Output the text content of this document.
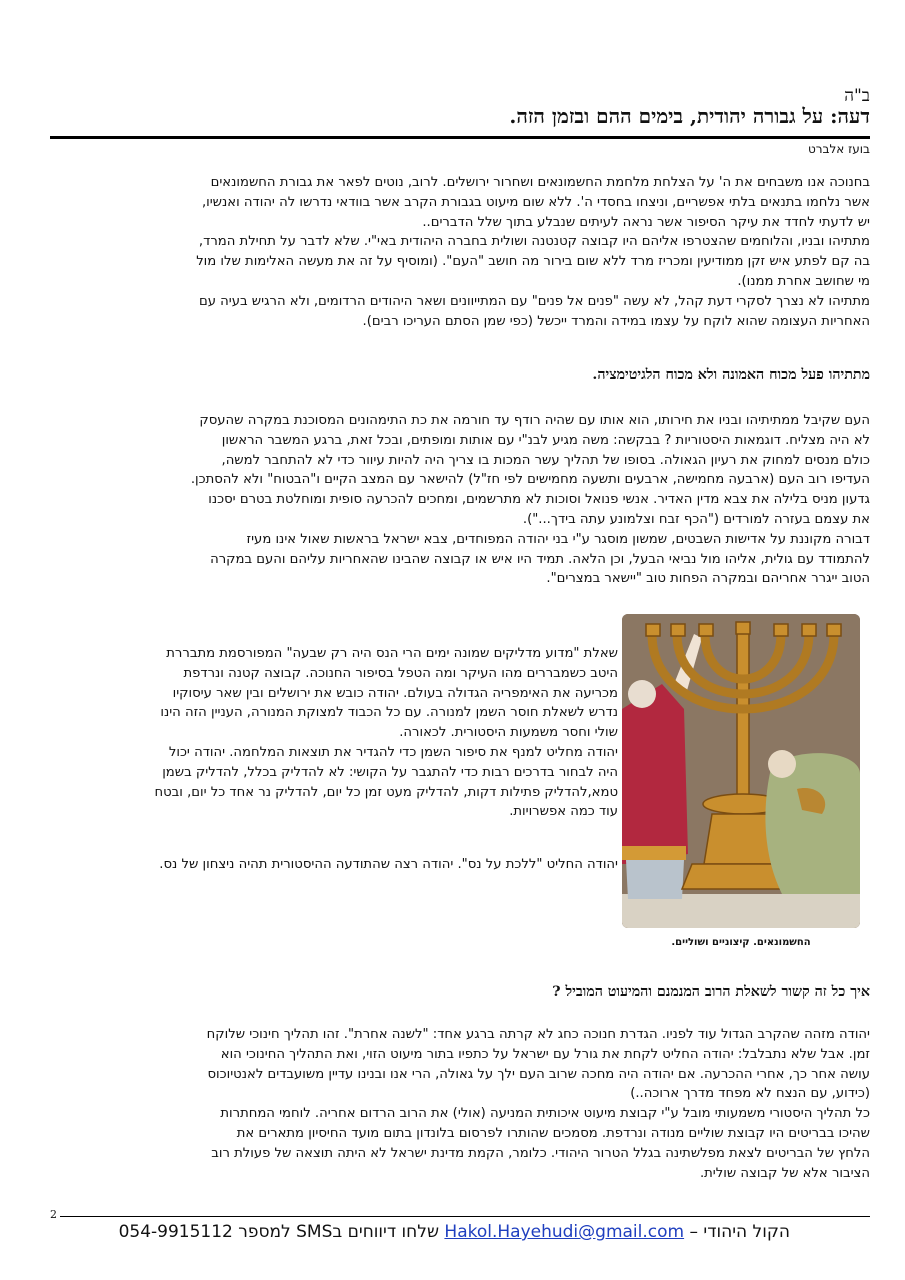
ב"ה
דעה: על גבורה יהודית, בימים ההם ובזמן הזה.
בועז אלברט
בחנוכה אנו משבחים את ה' על הצלחת מלחמת החשמונאים ושחרור ירושלים. לרוב, נוטים לפאר את גבורת החשמונאים
אשר נלחמו בתנאים בלתי אפשריים, וניצחו בחסדי ה'. ללא שום מיעוט בגבורת הקרב אשר בוודאי נדרשו לה יהודה ואנשיו,
יש לדעתי לחדד את עיקר הסיפור אשר נראה לעיתים שנבלע בתוך שלל הדברים..
מתתיהו ובניו, והלוחמים שהצטרפו אליהם היו קבוצה קטנטנה ושולית בחברה היהודית באי"י. שלא לדבר על תחילת המרד,
בה קם לפתע איש זקן ממודיעין ומכריז מרד ללא שום בירור מה חושב "העם". (ומוסיף על זה את מעשה האלימות שלו מול
מי שחושב אחרת ממנו).
מתתיהו לא נצרך לסקרי דעת קהל, לא עשה "פנים אל פנים" עם המתייוונים ושאר היהודים הרדומים, ולא הרגיש בעיה עם
האחריות העצומה שהוא לוקח על עצמו במידה והמרד ייכשל (כפי שמן הסתם העריכו רבים).
מתתיהו פעל מכוח האמונה ולא מכוח הלגיטימציה.
העם שקיבל ממתיתיהו ובניו את חירותו, הוא אותו עם שהיה רודף עד חורמה את כת התימהונים המסוכנת במקרה שהעסק
לא היה מצליח. דוגמאות היסטוריות ? בבקשה: משה מגיע לבנ"י עם אותות ומופתים, ובכל זאת, ברגע המשבר הראשון
כולם מנסים למחוק את רעיון הגאולה. בסופו של תהליך עשר המכות בו צריך היה להיות עיוור כדי לא להתחבר למשה,
העדיפו רוב העם (ארבעה מחמישה, ארבעים ותשעה מחמישים לפי חז"ל) להישאר עם המצב הקיים ו"הבטוח" ולא להסתכן.
גדעון מניס בלילה את צבא מדין האדיר. אנשי פנואל וסוכות לא מתרשמים, ומחכים להכרעה סופית ומוחלטת בטרם יסכנו
את עצמם בעזרה למורדים ("הכף זבח וצלמונע עתה בידך...").
דבורה מקוננת על אדישות השבטים, שמשון מוסגר ע"י בני יהודה המפוחדים, צבא ישראל בראשות שאול אינו מעיז
להתמודד עם גולית, אליהו מול נביאי הבעל, וכן הלאה. תמיד היו איש או קבוצה שהבינו שהאחריות עליהם והעם במקרה
הטוב ייגרר אחריהם ובמקרה הפחות טוב "יישאר במצרים".
שאלת "מדוע מדליקים שמונה ימים הרי הנס היה רק שבעה" המפורסמת מתבררת
היטב כשמבררים מהו העיקר ומה הטפל בסיפור החנוכה. קבוצה קטנה ונרדפת
מכריעה את האימפריה הגדולה בעולם. יהודה כובש את ירושלים ובין שאר עיסוקיו
נדרש לשאלת חוסר השמן למנורה. עם כל הכבוד למצוקת המנורה, העניין הזה הינו
שולי וחסר משמעות היסטורית. לכאורה.
יהודה מחליט למנף את סיפור השמן כדי להגדיר את תוצאות המלחמה. יהודה יכול
היה לבחור בדרכים רבות כדי להתגבר על הקושי: לא להדליק בכלל, להדליק בשמן
טמא,להדליק פתילות דקות, להדליק מעט זמן כל יום, להדליק נר אחד כל יום, ובטח
עוד כמה אפשרויות.
יהודה החליט "ללכת על נס". יהודה רצה שהתודעה ההיסטורית תהיה ניצחון של נס.
החשמונאים. קיצוניים ושוליים.
איך כל זה קשור לשאלת הרוב המנמנם והמיעוט המוביל ?
יהודה מזהה שהקרב הגדול עוד לפניו. הגדרת חנוכה כחג לא קרתה ברגע אחד: "לשנה אחרת". זהו תהליך חינוכי שלוקח
זמן. אבל שלא נתבלבל: יהודה החליט לקחת את גורל עם ישראל על כתפיו בתור מיעוט הזוי, ואת התהליך החינוכי הוא
עושה אחר כך, אחרי ההכרעה. אם יהודה היה מחכה שרוב העם ילך על גאולה, הרי אנו ובנינו עדיין משועבדים לאנטיוכוס
(כידוע, עם הנצח לא מפחד מדרך ארוכה..)
כל תהליך היסטורי משמעותי מובל ע"י קבוצת מיעוט איכותית המניעה (אולי) את הרוב הרדום אחריה. לוחמי המחתרות
שהיכו בבריטים היו קבוצת שוליים מנודה ונרדפת. מסמכים שהותרו לפרסום בלונדון בתום מועד החיסיון מתארים את
הלחץ של הבריטים לצאת מפלשתינה בגלל הטרור היהודי. כלומר, הקמת מדינת ישראל לא היתה תוצאה של פעולת רוב
הציבור אלא של קבוצה שולית.
2
הקול היהודי – Hakol.Hayehudi@gmail.com שלחו דיווחים בSMS למספר 054-9915112
